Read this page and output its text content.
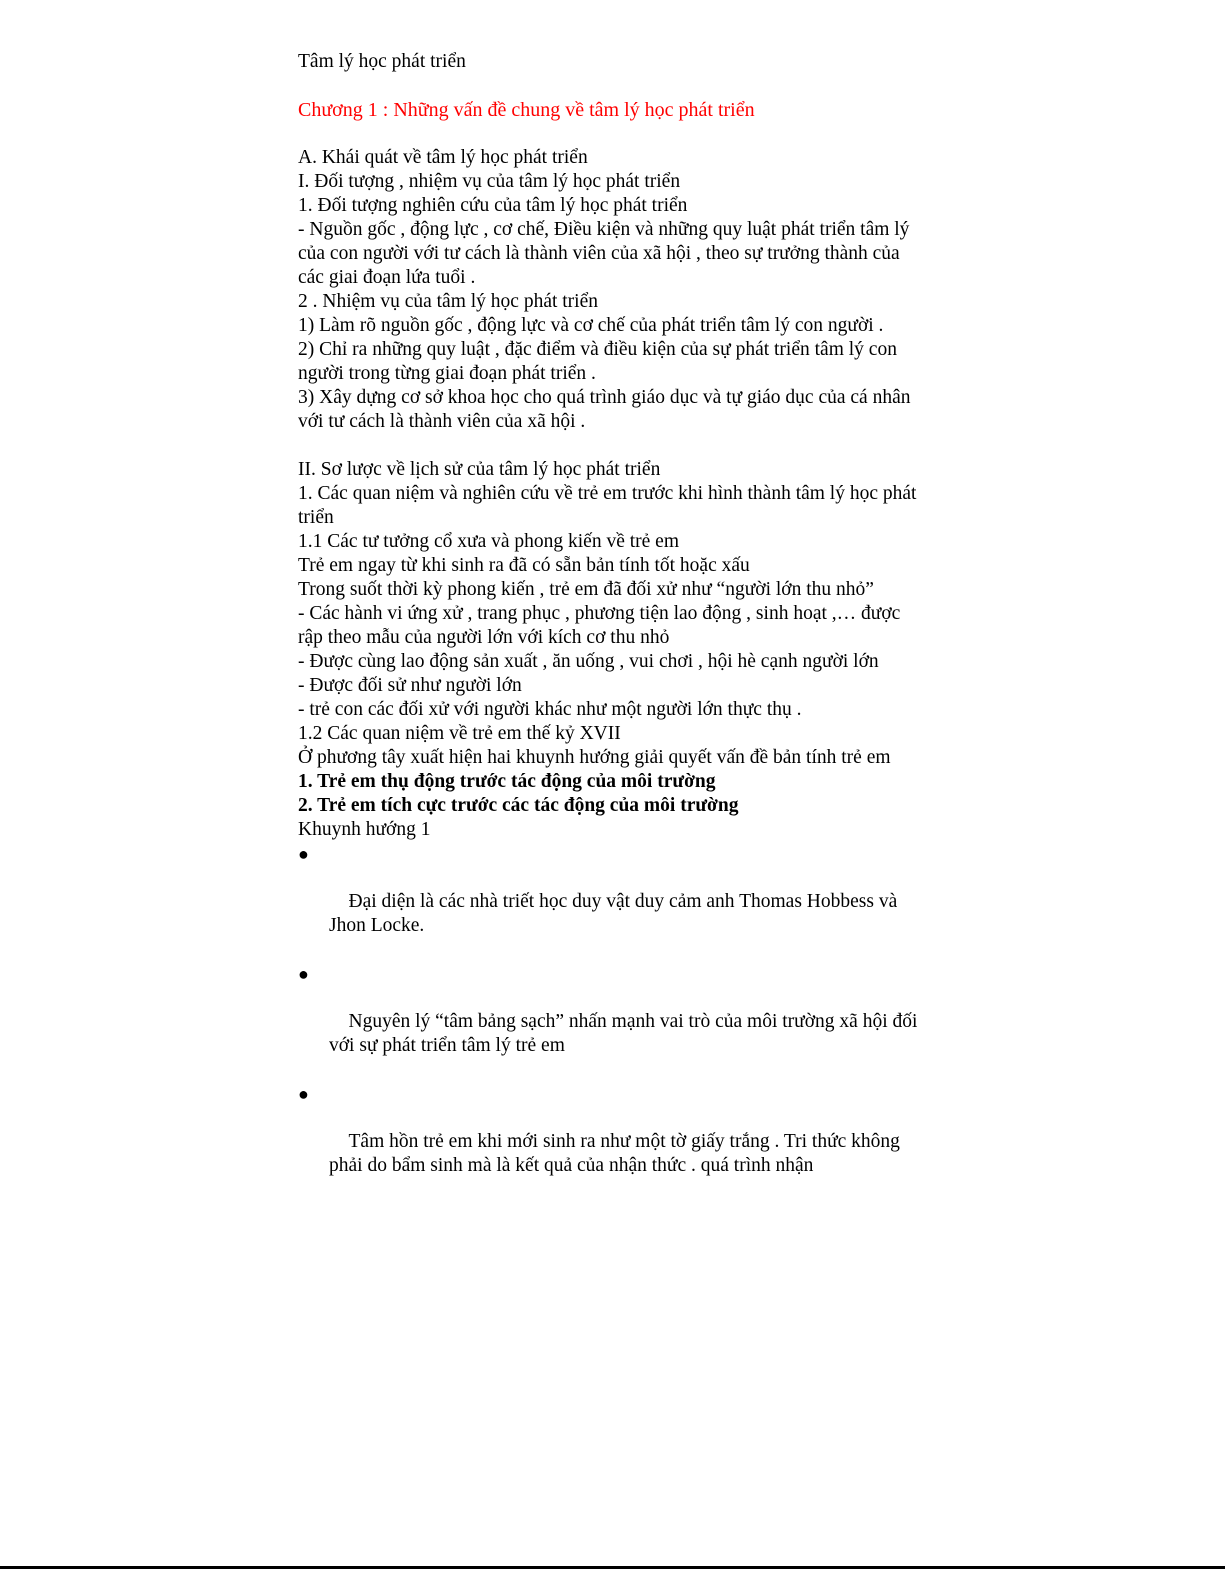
Tâm lý học phát triển
Chương 1 : Những vấn đề chung về tâm lý học phát triển
A. Khái quát về tâm lý học phát triển
I. Đối tượng , nhiệm vụ của tâm lý học phát triển
1. Đối tượng nghiên cứu của tâm lý học phát triển
- Nguồn gốc , động lực , cơ chế, Điều kiện và những quy luật phát triển tâm lý của con người với tư cách là thành viên của xã hội , theo sự trưởng thành của các giai đoạn lứa tuổi .
2 . Nhiệm vụ của tâm lý học phát triển
1) Làm rõ nguồn gốc , động lực và cơ chế của phát triển tâm lý con người .
2) Chỉ ra những quy luật , đặc điểm và điều kiện của sự phát triển tâm lý con người trong từng giai đoạn phát triển .
3) Xây dựng cơ sở khoa học cho quá trình giáo dục và tự giáo dục của cá nhân với tư cách là thành viên của xã hội .
II. Sơ lược về lịch sử của tâm lý học phát triển
1. Các quan niệm và nghiên cứu về trẻ em trước khi hình thành tâm lý học phát triển
1.1 Các tư tưởng cổ xưa và phong kiến về trẻ em
Trẻ em ngay từ khi sinh ra đã có sẵn bản tính tốt hoặc xấu
Trong suốt thời kỳ phong kiến , trẻ em đã đối xử như “người lớn thu nhỏ”
- Các hành vi ứng xử , trang phục , phương tiện lao động , sinh hoạt ,… được rập theo mẫu của người lớn với kích cơ thu nhỏ
- Được cùng lao động sản xuất , ăn uống , vui chơi , hội hè cạnh người lớn
- Được đối sử như người lớn
- trẻ con các đối xử với người khác như một người lớn thực thụ .
1.2 Các quan niệm về trẻ em thế kỷ XVII
Ở phương tây xuất hiện hai khuynh hướng giải quyết vấn đề bản tính trẻ em
1. Trẻ em thụ động trước tác động của môi trường
2. Trẻ em tích cực trước các tác động của môi trường
Khuynh hướng 1

●

Đại diện là các nhà triết học duy vật duy cảm anh Thomas Hobbess và Jhon Locke.

●

Nguyên lý “tâm bảng sạch” nhấn mạnh vai trò của môi trường xã hội đối với sự phát triển tâm lý trẻ em

●

Tâm hồn trẻ em khi mới sinh ra như một tờ giấy trắng . Tri thức không phải do bẩm sinh mà là kết quả của nhận thức . quá trình nhận
